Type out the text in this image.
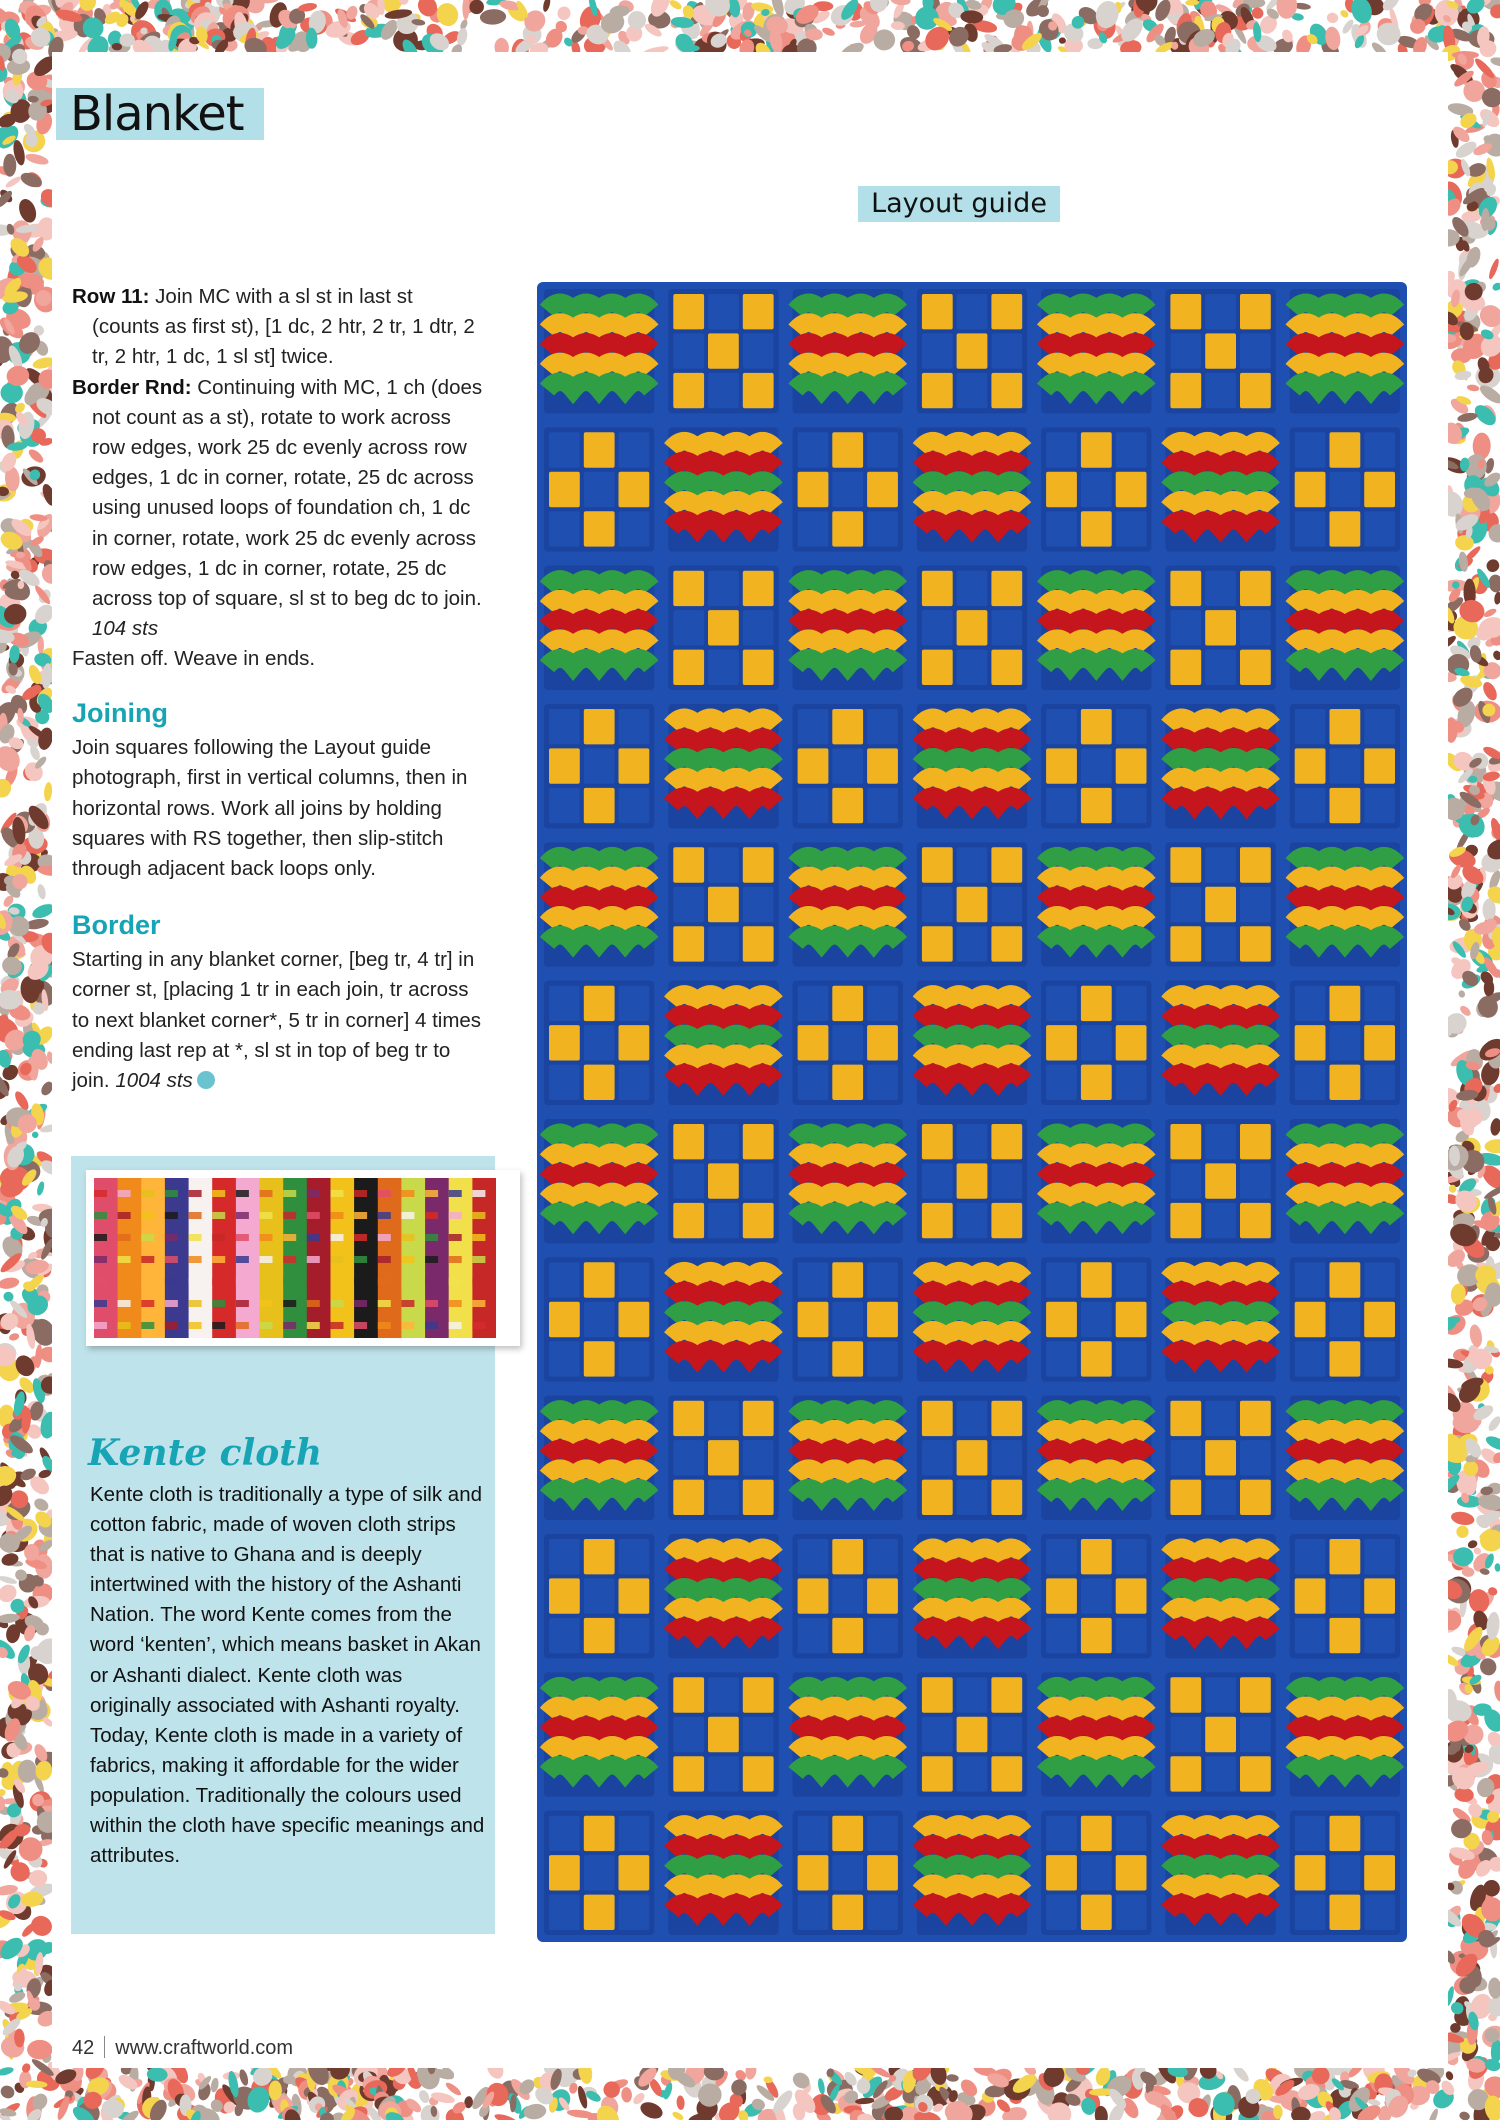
Blanket
Layout guide

Row 11: Join MC with a sl st in last st (counts as first st), [1 dc, 2 htr, 2 tr, 1 dtr, 2 tr, 2 htr, 1 dc, 1 sl st] twice.

Border Rnd: Continuing with MC, 1 ch (does not count as a st), rotate to work across row edges, work 25 dc evenly across row edges, 1 dc in corner, rotate, 25 dc across using unused loops of foundation ch, 1 dc in corner, rotate, work 25 dc evenly across row edges, 1 dc in corner, rotate, 25 dc across top of square, sl st to beg dc to join. 104 sts

Fasten off. Weave in ends.

Joining
Join squares following the Layout guide photograph, first in vertical columns, then in horizontal rows. Work all joins by holding squares with RS together, then slip-stitch through adjacent back loops only.
Border
Starting in any blanket corner, [beg tr, 4 tr] in corner st, [placing 1 tr in each join, tr across to next blanket corner*, 5 tr in corner] 4 times ending last rep at *, sl st in top of beg tr to join. 1004 sts
Kente cloth
Kente cloth is traditionally a type of silk and cotton fabric, made of woven cloth strips that is native to Ghana and is deeply intertwined with the history of the Ashanti Nation. The word Kente comes from the word ‘kenten’, which means basket in Akan or Ashanti dialect. Kente cloth was originally associated with Ashanti royalty. Today, Kente cloth is made in a variety of fabrics, making it affordable for the wider population. Traditionally the colours used within the cloth have specific meanings and attributes.
42 www.craftworld.com
